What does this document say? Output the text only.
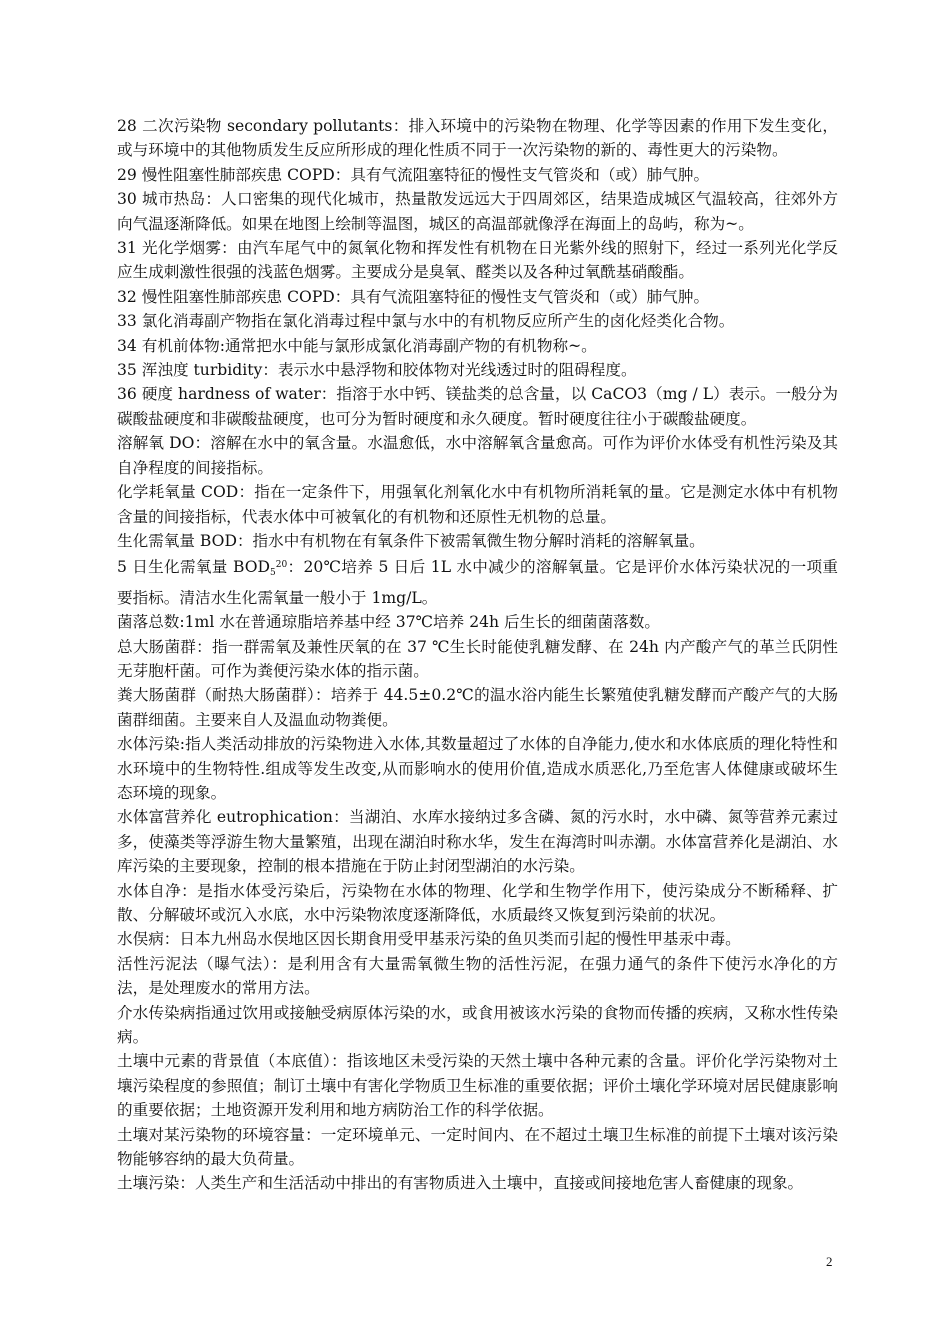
28 二次污染物 secondary pollutants：排入环境中的污染物在物理、化学等因素的作用下发生变化，或与环境中的其他物质发生反应所形成的理化性质不同于一次污染物的新的、毒性更大的污染物。

29 慢性阻塞性肺部疾患 COPD：具有气流阻塞特征的慢性支气管炎和（或）肺气肿。

30 城市热岛：人口密集的现代化城市，热量散发远远大于四周郊区，结果造成城区气温较高，往郊外方向气温逐渐降低。如果在地图上绘制等温图，城区的高温部就像浮在海面上的岛屿，称为~。

31 光化学烟雾：由汽车尾气中的氮氧化物和挥发性有机物在日光紫外线的照射下，经过一系列光化学反应生成刺激性很强的浅蓝色烟雾。主要成分是臭氧、醛类以及各种过氧酰基硝酸酯。

32 慢性阻塞性肺部疾患 COPD：具有气流阻塞特征的慢性支气管炎和（或）肺气肿。

33 氯化消毒副产物指在氯化消毒过程中氯与水中的有机物反应所产生的卤化烃类化合物。

34 有机前体物:通常把水中能与氯形成氯化消毒副产物的有机物称~。

35 浑浊度 turbidity：表示水中悬浮物和胶体物对光线透过时的阻碍程度。

36 硬度 hardness of water：指溶于水中钙、镁盐类的总含量，以 CaCO3（mg / L）表示。一般分为碳酸盐硬度和非碳酸盐硬度，也可分为暂时硬度和永久硬度。暂时硬度往往小于碳酸盐硬度。

溶解氧 DO：溶解在水中的氧含量。水温愈低，水中溶解氧含量愈高。可作为评价水体受有机性污染及其自净程度的间接指标。

化学耗氧量 COD：指在一定条件下，用强氧化剂氧化水中有机物所消耗氧的量。它是测定水体中有机物含量的间接指标，代表水体中可被氧化的有机物和还原性无机物的总量。

生化需氧量 BOD：指水中有机物在有氧条件下被需氧微生物分解时消耗的溶解氧量。

5 日生化需氧量 $BOD_5^{20}$：20℃培养 5 日后 1L 水中减少的溶解氧量。它是评价水体污染状况的一项重要指标。清洁水生化需氧量一般小于 1mg/L。

菌落总数:1ml 水在普通琼脂培养基中经 37℃培养 24h 后生长的细菌菌落数。

总大肠菌群：指一群需氧及兼性厌氧的在 37 ℃生长时能使乳糖发酵、在 24h 内产酸产气的革兰氏阴性无芽胞杆菌。可作为粪便污染水体的指示菌。

粪大肠菌群（耐热大肠菌群）：培养于 44.5±0.2℃的温水浴内能生长繁殖使乳糖发酵而产酸产气的大肠菌群细菌。主要来自人及温血动物粪便。

水体污染:指人类活动排放的污染物进入水体,其数量超过了水体的自净能力,使水和水体底质的理化特性和水环境中的生物特性.组成等发生改变,从而影响水的使用价值,造成水质恶化,乃至危害人体健康或破坏生态环境的现象。

水体富营养化 eutrophication：当湖泊、水库水接纳过多含磷、氮的污水时，水中磷、氮等营养元素过多，使藻类等浮游生物大量繁殖，出现在湖泊时称水华，发生在海湾时叫赤潮。水体富营养化是湖泊、水库污染的主要现象，控制的根本措施在于防止封闭型湖泊的水污染。

水体自净：是指水体受污染后，污染物在水体的物理、化学和生物学作用下，使污染成分不断稀释、扩散、分解破坏或沉入水底，水中污染物浓度逐渐降低，水质最终又恢复到污染前的状况。

水俣病：日本九州岛水俣地区因长期食用受甲基汞污染的鱼贝类而引起的慢性甲基汞中毒。

活性污泥法（曝气法）：是利用含有大量需氧微生物的活性污泥，在强力通气的条件下使污水净化的方法，是处理废水的常用方法。

介水传染病指通过饮用或接触受病原体污染的水，或食用被该水污染的食物而传播的疾病，又称水性传染病。

土壤中元素的背景值（本底值）：指该地区未受污染的天然土壤中各种元素的含量。评价化学污染物对土壤污染程度的参照值；制订土壤中有害化学物质卫生标准的重要依据；评价土壤化学环境对居民健康影响的重要依据；土地资源开发利用和地方病防治工作的科学依据。

土壤对某污染物的环境容量：一定环境单元、一定时间内、在不超过土壤卫生标准的前提下土壤对该污染物能够容纳的最大负荷量。

土壤污染：人类生产和生活活动中排出的有害物质进入土壤中，直接或间接地危害人畜健康的现象。

2
